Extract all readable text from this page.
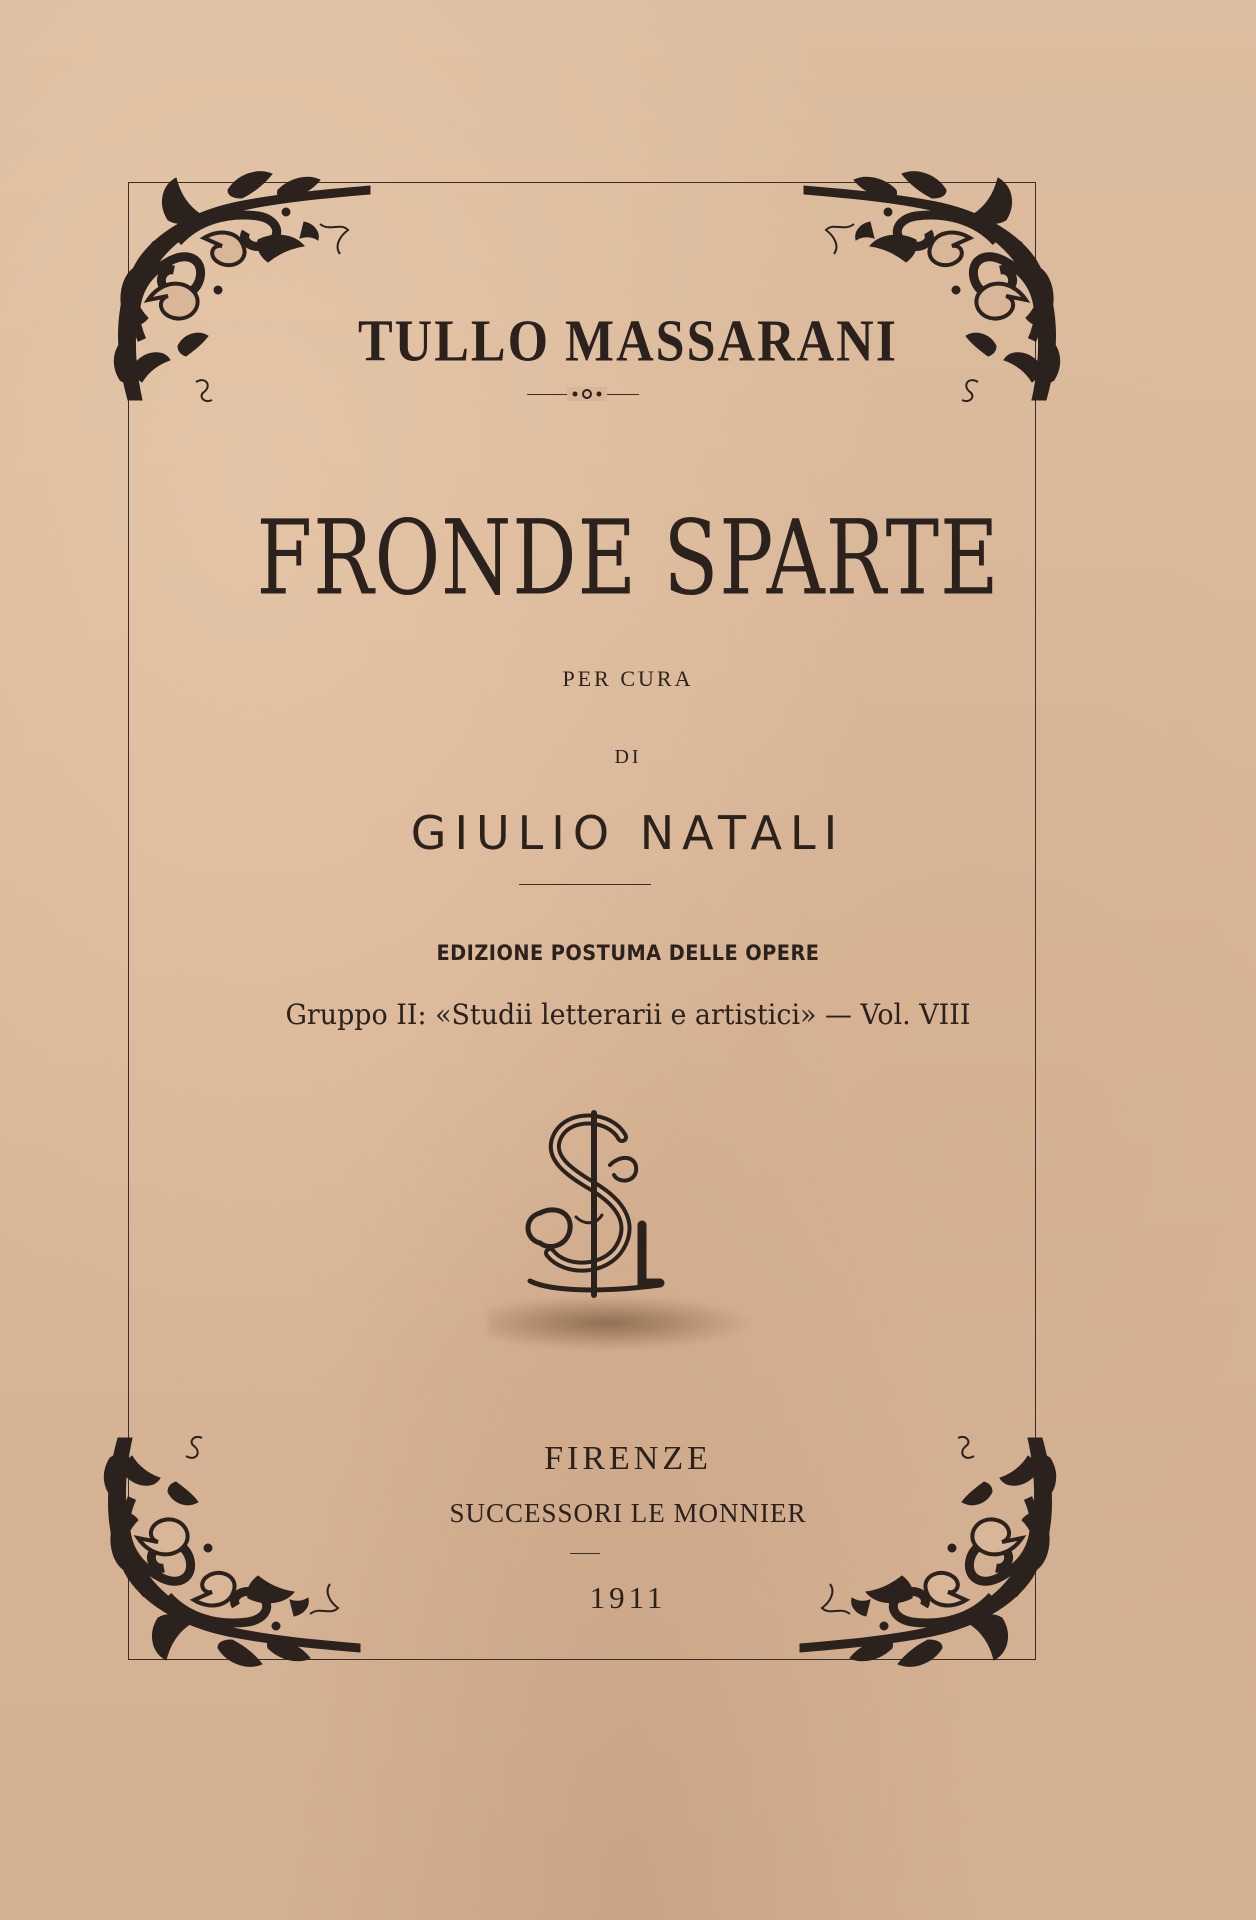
TULLO MASSARANI
FRONDE SPARTE

PER CURA

DI

GIULIO NATALI

EDIZIONE POSTUMA DELLE OPERE

Gruppo II: «Studii letterarii e artistici» — Vol. VIII

FIRENZE

SUCCESSORI LE MONNIER

1911
